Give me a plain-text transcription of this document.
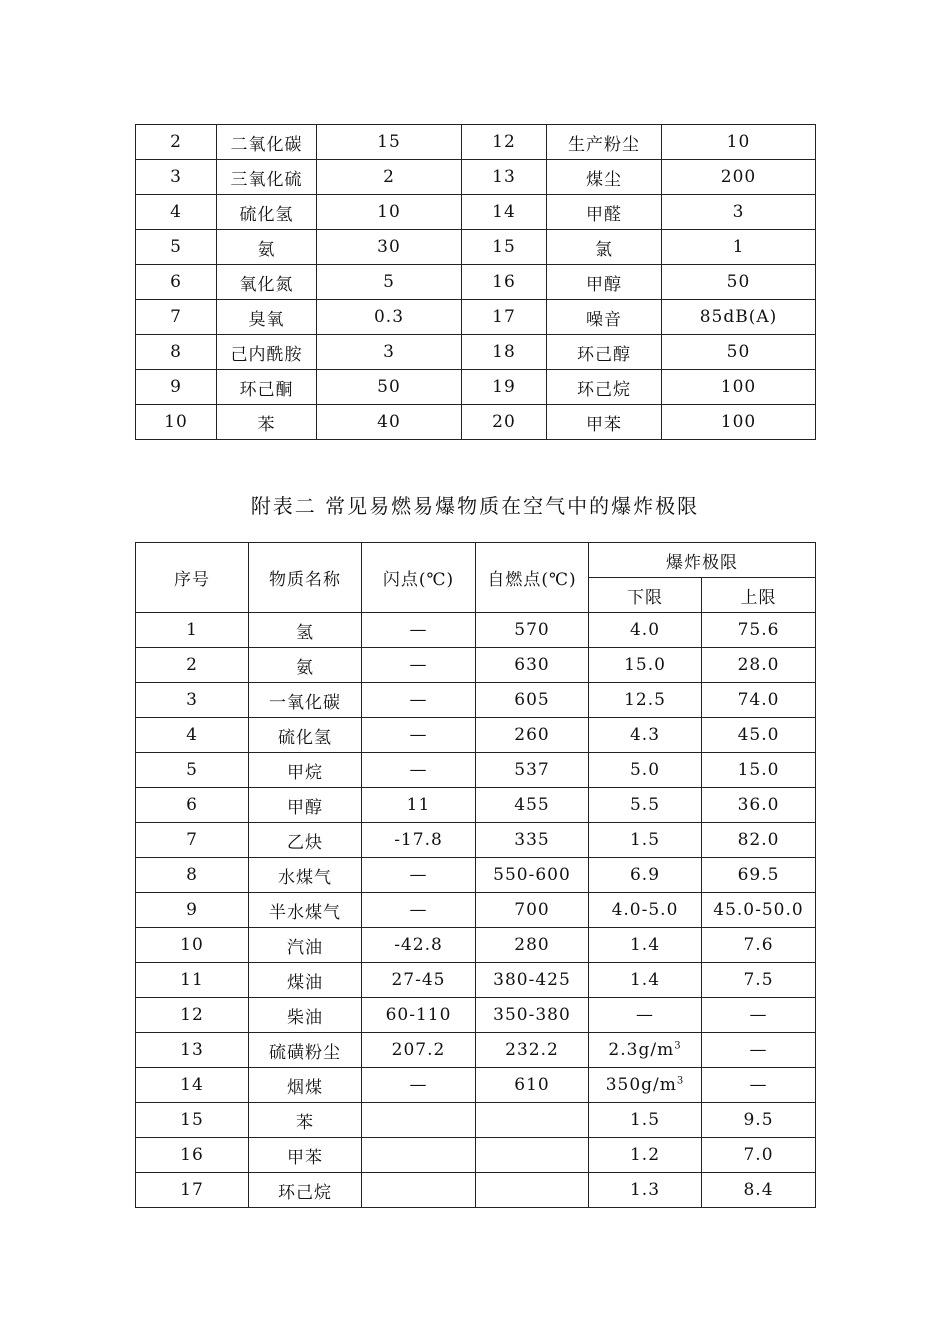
2	二氧化碳	15	12	生产粉尘	10
3	三氧化硫	2	13	煤尘	200
4	硫化氢	10	14	甲醛	3
5	氨	30	15	氯	1
6	氧化氮	5	16	甲醇	50
7	臭氧	0.3	17	噪音	85dB(A)
8	己内酰胺	3	18	环己醇	50
9	环己酮	50	19	环己烷	100
10	苯	40	20	甲苯	100
附表二 常见易燃易爆物质在空气中的爆炸极限
序号	物质名称	闪点(℃)	自燃点(℃)	爆炸极限	
				下限	上限
1	氢	—	570	4.0	75.6
2	氨	—	630	15.0	28.0
3	一氧化碳	—	605	12.5	74.0
4	硫化氢	—	260	4.3	45.0
5	甲烷	—	537	5.0	15.0
6	甲醇	11	455	5.5	36.0
7	乙炔	-17.8	335	1.5	82.0
8	水煤气	—	550-600	6.9	69.5
9	半水煤气	—	700	4.0-5.0	45.0-50.0
10	汽油	-42.8	280	1.4	7.6
11	煤油	27-45	380-425	1.4	7.5
12	柴油	60-110	350-380	—	—
13	硫磺粉尘	207.2	232.2	$2.3g/m^3$	—
14	烟煤	—	610	$350g/m^3$	—
15	苯			1.5	9.5
16	甲苯			1.2	7.0
17	环己烷			1.3	8.4
